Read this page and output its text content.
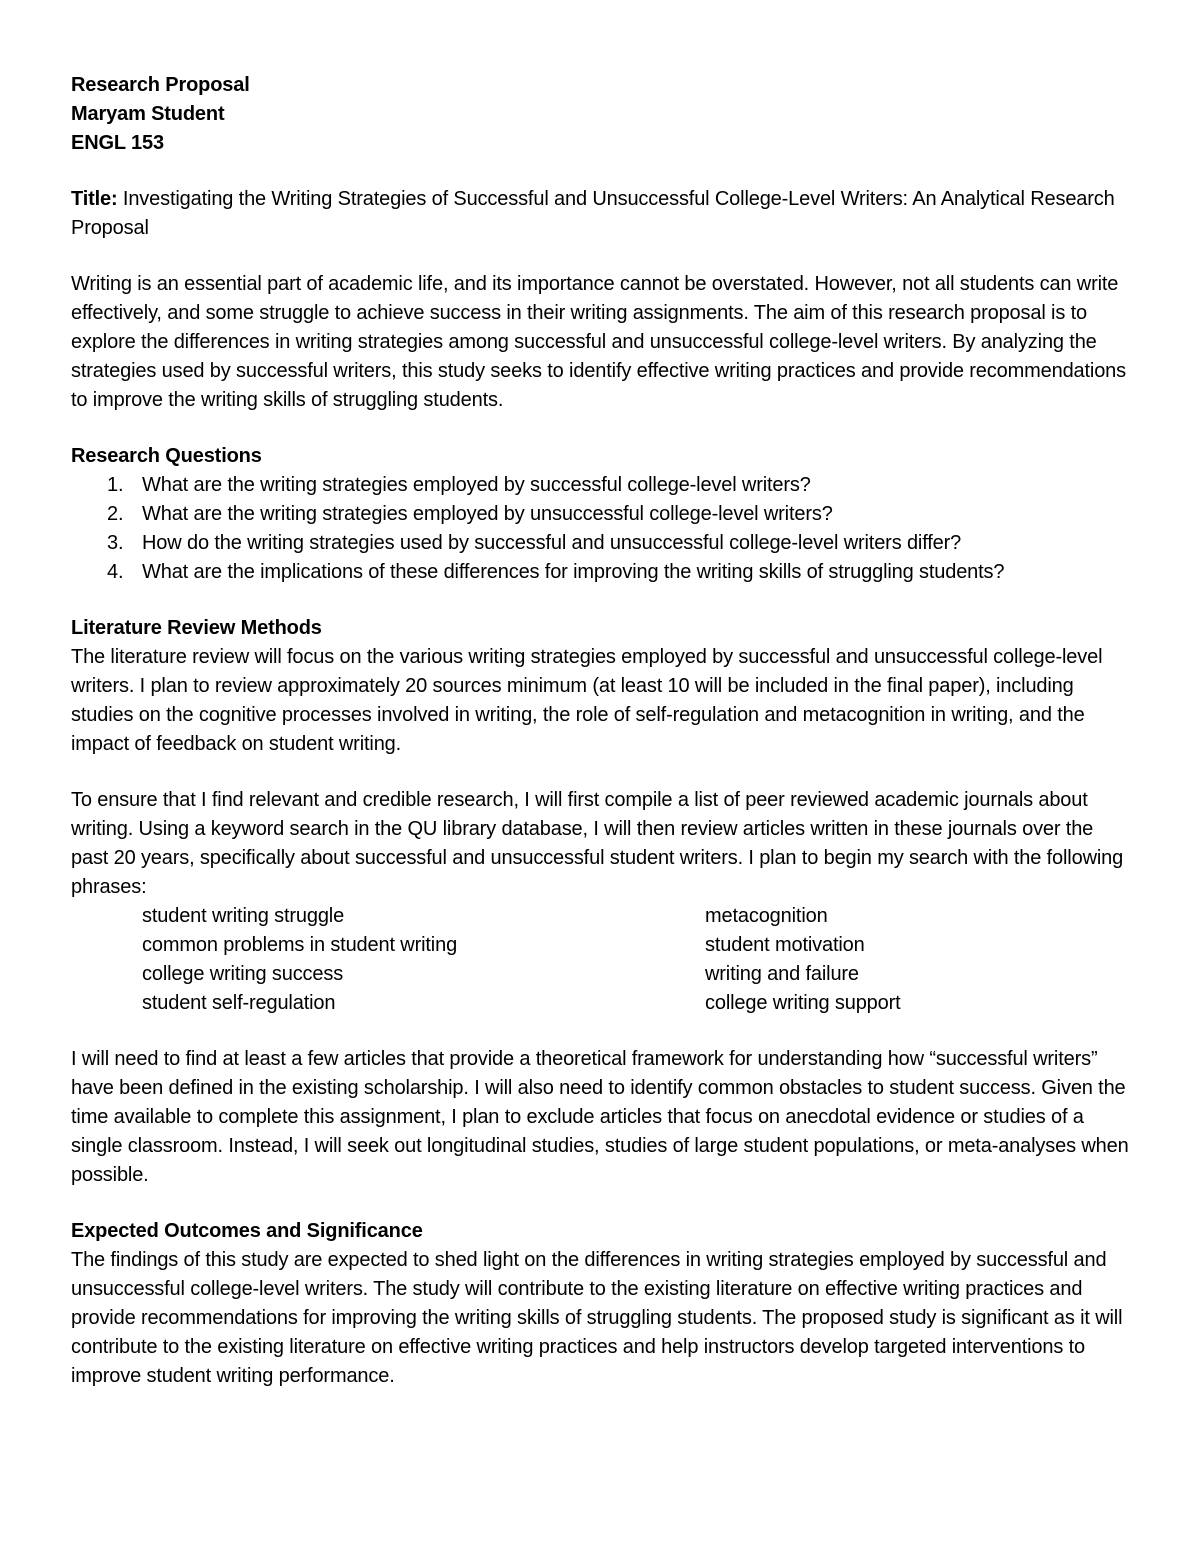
Research Proposal
Maryam Student
ENGL 153

Title: Investigating the Writing Strategies of Successful and Unsuccessful College-Level Writers: An Analytical Research Proposal

Writing is an essential part of academic life, and its importance cannot be overstated. However, not all students can write effectively, and some struggle to achieve success in their writing assignments. The aim of this research proposal is to explore the differences in writing strategies among successful and unsuccessful college-level writers. By analyzing the strategies used by successful writers, this study seeks to identify effective writing practices and provide recommendations to improve the writing skills of struggling students.

Research Questions

1. What are the writing strategies employed by successful college-level writers?
2. What are the writing strategies employed by unsuccessful college-level writers?
3. How do the writing strategies used by successful and unsuccessful college-level writers differ?
4. What are the implications of these differences for improving the writing skills of struggling students?

Literature Review Methods

The literature review will focus on the various writing strategies employed by successful and unsuccessful college-level writers. I plan to review approximately 20 sources minimum (at least 10 will be included in the final paper), including studies on the cognitive processes involved in writing, the role of self-regulation and metacognition in writing, and the impact of feedback on student writing.

To ensure that I find relevant and credible research, I will first compile a list of peer reviewed academic journals about writing. Using a keyword search in the QU library database, I will then review articles written in these journals over the past 20 years, specifically about successful and unsuccessful student writers. I plan to begin my search with the following phrases:

student writing struggle
common problems in student writing
college writing success
student self-regulation
metacognition
student motivation
writing and failure
college writing support

I will need to find at least a few articles that provide a theoretical framework for understanding how “successful writers” have been defined in the existing scholarship. I will also need to identify common obstacles to student success. Given the time available to complete this assignment, I plan to exclude articles that focus on anecdotal evidence or studies of a single classroom. Instead, I will seek out longitudinal studies, studies of large student populations, or meta-analyses when possible.

Expected Outcomes and Significance

The findings of this study are expected to shed light on the differences in writing strategies employed by successful and unsuccessful college-level writers. The study will contribute to the existing literature on effective writing practices and provide recommendations for improving the writing skills of struggling students. The proposed study is significant as it will contribute to the existing literature on effective writing practices and help instructors develop targeted interventions to improve student writing performance.
